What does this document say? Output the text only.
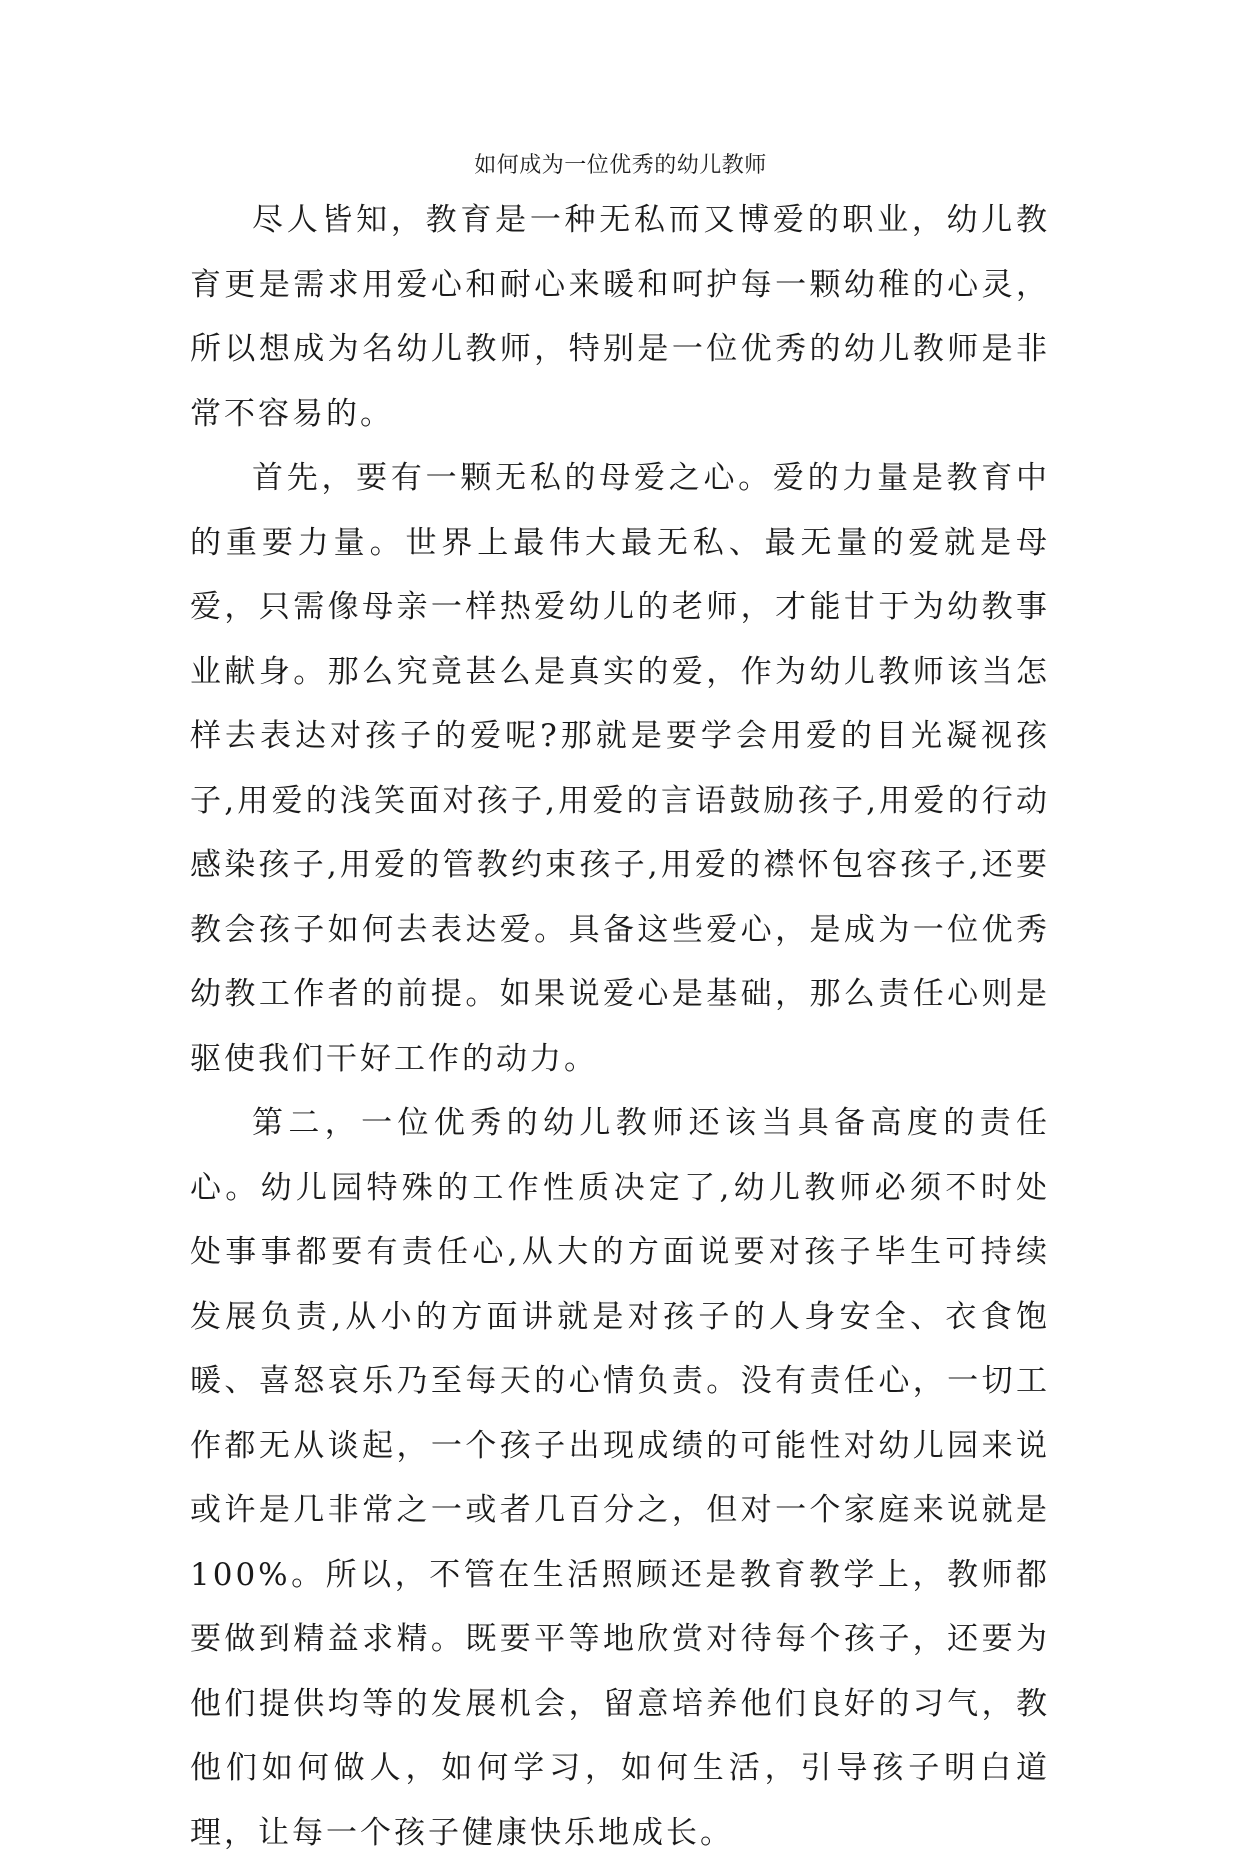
如何成为一位优秀的幼儿教师

尽人皆知，教育是一种无私而又博爱的职业，幼儿教育更是需求用爱心和耐心来暖和呵护每一颗幼稚的心灵，所以想成为名幼儿教师，特别是一位优秀的幼儿教师是非常不容易的。

首先，要有一颗无私的母爱之心。爱的力量是教育中的重要力量。世界上最伟大最无私、最无量的爱就是母爱，只需像母亲一样热爱幼儿的老师，才能甘于为幼教事业献身。那么究竟甚么是真实的爱，作为幼儿教师该当怎样去表达对孩子的爱呢?那就是要学会用爱的目光凝视孩子,用爱的浅笑面对孩子,用爱的言语鼓励孩子,用爱的行动感染孩子,用爱的管教约束孩子,用爱的襟怀包容孩子,还要教会孩子如何去表达爱。具备这些爱心，是成为一位优秀幼教工作者的前提。如果说爱心是基础，那么责任心则是驱使我们干好工作的动力。

第二，一位优秀的幼儿教师还该当具备高度的责任心。幼儿园特殊的工作性质决定了,幼儿教师必须不时处处事事都要有责任心,从大的方面说要对孩子毕生可持续发展负责,从小的方面讲就是对孩子的人身安全、衣食饱暖、喜怒哀乐乃至每天的心情负责。没有责任心，一切工作都无从谈起，一个孩子出现成绩的可能性对幼儿园来说或许是几非常之一或者几百分之，但对一个家庭来说就是100%。所以，不管在生活照顾还是教育教学上，教师都要做到精益求精。既要平等地欣赏对待每个孩子，还要为他们提供均等的发展机会，留意培养他们良好的习气，教他们如何做人，如何学习，如何生活，引导孩子明白道理，让每一个孩子健康快乐地成长。
